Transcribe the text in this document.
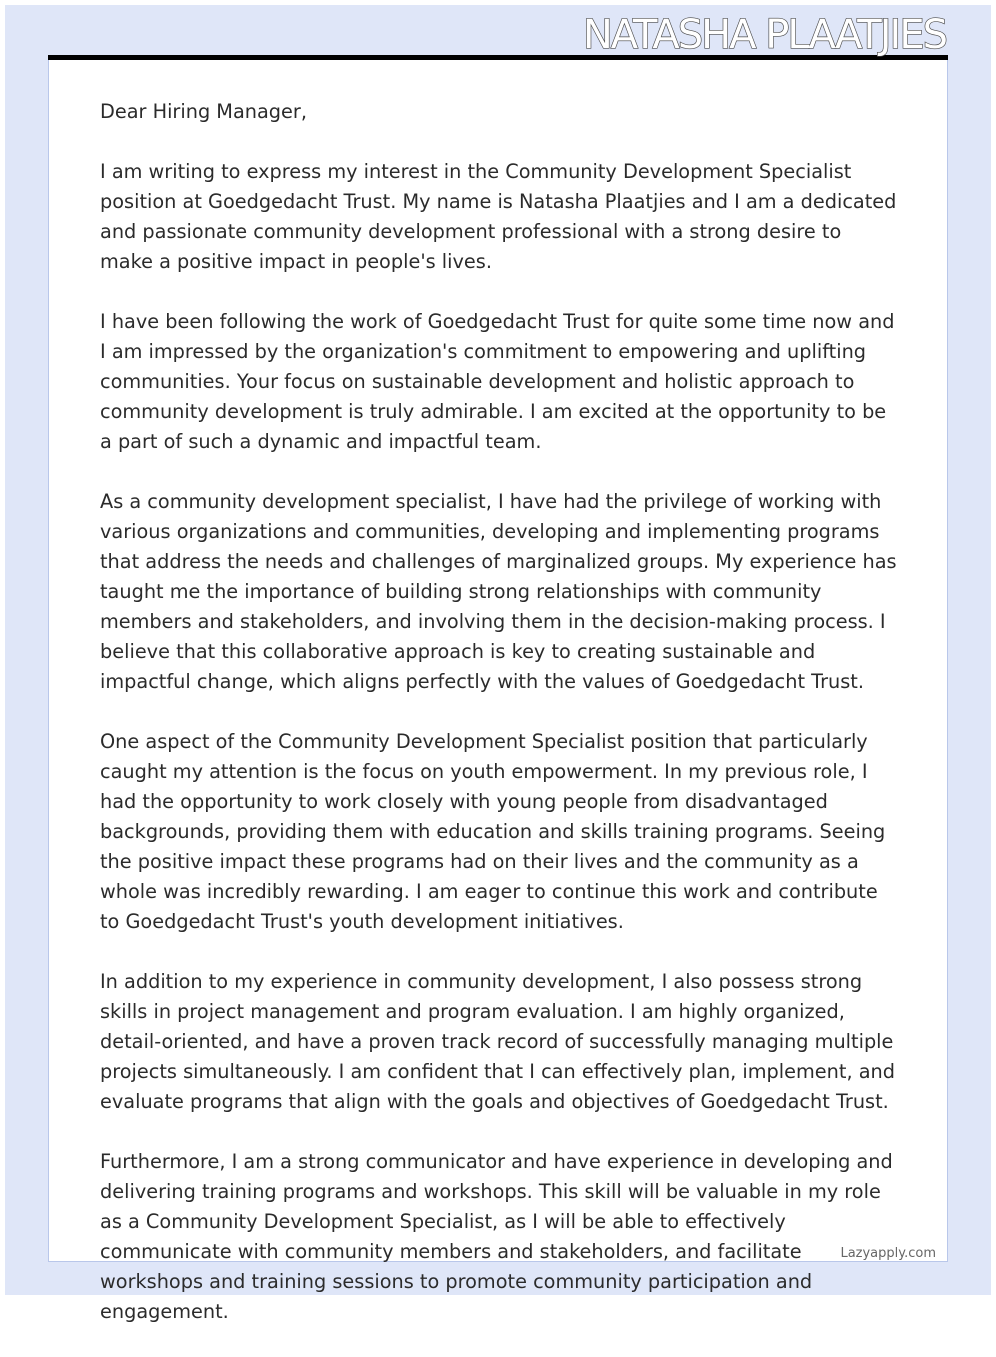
NATASHA PLAATJIES

Dear Hiring Manager,

I am writing to express my interest in the Community Development Specialist position at Goedgedacht Trust. My name is Natasha Plaatjies and I am a dedicated and passionate community development professional with a strong desire to make a positive impact in people's lives.

I have been following the work of Goedgedacht Trust for quite some time now and I am impressed by the organization's commitment to empowering and uplifting communities. Your focus on sustainable development and holistic approach to community development is truly admirable. I am excited at the opportunity to be a part of such a dynamic and impactful team.

As a community development specialist, I have had the privilege of working with various organizations and communities, developing and implementing programs that address the needs and challenges of marginalized groups. My experience has taught me the importance of building strong relationships with community members and stakeholders, and involving them in the decision-making process. I believe that this collaborative approach is key to creating sustainable and impactful change, which aligns perfectly with the values of Goedgedacht Trust.

One aspect of the Community Development Specialist position that particularly caught my attention is the focus on youth empowerment. In my previous role, I had the opportunity to work closely with young people from disadvantaged backgrounds, providing them with education and skills training programs. Seeing the positive impact these programs had on their lives and the community as a whole was incredibly rewarding. I am eager to continue this work and contribute to Goedgedacht Trust's youth development initiatives.

In addition to my experience in community development, I also possess strong skills in project management and program evaluation. I am highly organized, detail-oriented, and have a proven track record of successfully managing multiple projects simultaneously. I am confident that I can effectively plan, implement, and evaluate programs that align with the goals and objectives of Goedgedacht Trust.

Furthermore, I am a strong communicator and have experience in developing and delivering training programs and workshops. This skill will be valuable in my role as a Community Development Specialist, as I will be able to effectively communicate with community members and stakeholders, and facilitate workshops and training sessions to promote community participation and engagement.

Lazyapply.com
